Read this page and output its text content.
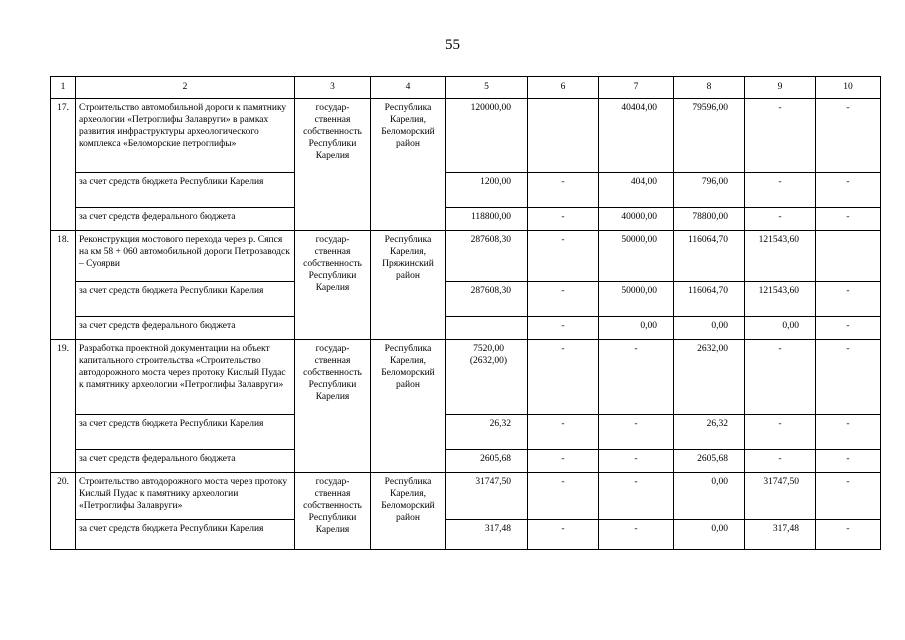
55
1	2	3	4	5	6	7	8	9	10
17.	Строительство автомобильной дороги к памятнику археологии «Петроглифы Залавруги» в рамках развития инфраструктуры археологического комплекса «Беломорские петроглифы»	государ-ственная собственность Республики Карелия	Республика Карелия, Беломорский район	120000,00		40404,00	79596,00	-	-
	за счет средств бюджета Республики Карелия			1200,00	-	404,00	796,00	-	-
	за счет средств федерального бюджета			118800,00	-	40000,00	78800,00	-	-
18.	Реконструкция мостового перехода через р. Сяпся на км 58 + 060 автомобильной дороги Петрозаводск – Суоярви	государ-ственная собственность Республики Карелия	Республика Карелия, Пряжинский район	287608,30	-	50000,00	116064,70	121543,60	
	за счет средств бюджета Республики Карелия			287608,30	-	50000,00	116064,70	121543,60	-
	за счет средств федерального бюджета				-	0,00	0,00	0,00	-
19.	Разработка проектной документации на объект капитального строительства «Строительство автодорожного моста через протоку Кислый Пудас к памятнику археологии «Петроглифы Залавруги»	государ-ственная собственность Республики Карелия	Республика Карелия, Беломорский район	7520,00 (2632,00)	-	-	2632,00	-	-
	за счет средств бюджета Республики Карелия			26,32	-	-	26,32	-	-
	за счет средств федерального бюджета			2605,68	-	-	2605,68	-	-
20.	Строительство автодорожного моста через протоку Кислый Пудас к памятнику археологии «Петроглифы Залавруги»	государ-ственная собственность Республики Карелия	Республика Карелия, Беломорский район	31747,50	-	-	0,00	31747,50	-
	за счет средств бюджета Республики Карелия			317,48	-	-	0,00	317,48	-
